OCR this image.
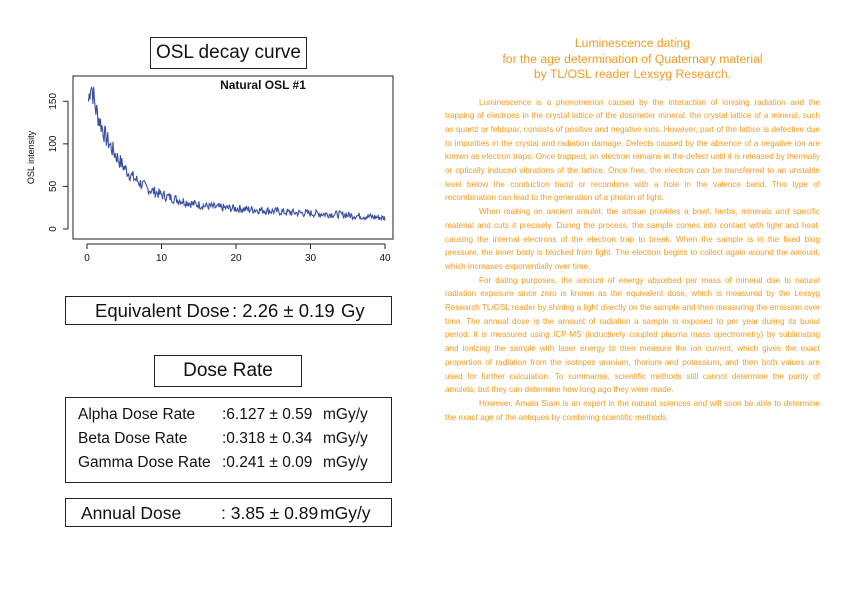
OSL decay curve
Natural OSL #1
OSL intensity
0	10	20	30	40
0
50
100
150
Equivalent Dose : 2.26 ± 0.19 Gy
Dose Rate
Alpha Dose Rate :6.127 ± 0.59 mGy/y
Beta Dose Rate :0.318 ± 0.34 mGy/y
Gamma Dose Rate :0.241 ± 0.09 mGy/y
Annual Dose : 3.85 ± 0.89 mGy/y
Luminescence dating
for the age determination of Quaternary material
by TL/OSL reader Lexsyg Research.

Luminescence is a phenomenon caused by the interaction of ionising radiation and the trapping of electrons in the crystal lattice of the dosimeter mineral. the crystal lattice of a mineral, such as quartz or feldspar, consists of positive and negative ions. However, part of the lattice is defective due to impurities in the crystal and radiation damage. Defects caused by the absence of a negative ion are known as electron traps. Once trapped, an electron remains in the defect until it is released by thermally or optically induced vibrations of the lattice. Once free, the electron can be transferred to an unstable level below the conduction band or recombine with a hole in the valence band. This type of recombination can lead to the generation of a photon of light.

When making an ancient amulet, the artisan provides a bowl, herbs, minerals and specific material and cuts it precisely. During the process, the sample comes into contact with light and heat, causing the internal electrons of the electron trap to break. When the sample is in the fixed blog pressure, the inner body is blocked from light. The electron begins to collect again around the amount, which increases exponentially over time.

For dating purposes, the amount of energy absorbed per mass of mineral due to natural radiation exposure since zero is known as the equivalent dose, which is measured by the Lexsyg Research TL/OSL reader by shining a light directly on the sample and then measuring the emission over time. The annual dose is the amount of radiation a sample is exposed to per year during its burial period. It is measured using ICP-MS (inductively coupled plasma mass spectrometry) by sublimating and ionizing the sample with laser energy to then measure the ion current, which gives the exact proportion of radiation from the isotopes uranium, thorium and potassium, and then both values are used for further calculation. To summarise, scientific methods still cannot determine the purity of amulets, but they can determine how long ago they were made.

However, Amata Siam is an expert in the natural sciences and will soon be able to determine the exact age of the antiques by combining scientific methods.
